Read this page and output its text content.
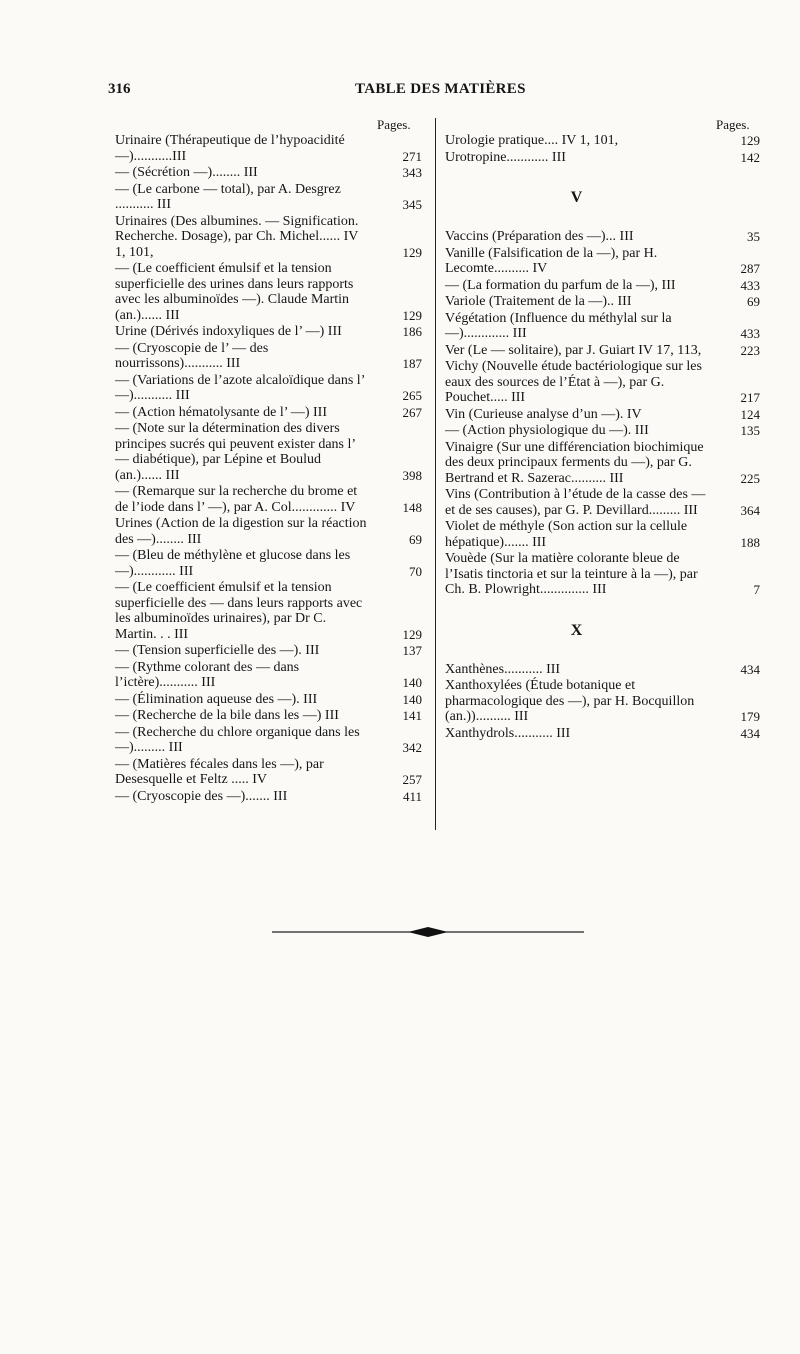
316	TABLE DES MATIÈRES
Pages.	Pages.
Urinaire (Thérapeutique de l’hypoacidité —)...........III	271
— (Sécrétion —)........ III	343
— (Le carbone — total), par A. Desgrez ........... III	345
Urinaires (Des albumines. — Signification. Recherche. Dosage), par Ch. Michel...... IV 1, 101,	129
— (Le coefficient émulsif et la tension superficielle des urines dans leurs rapports avec les albuminoïdes —). Claude Martin (an.)...... III	129
Urine (Dérivés indoxyliques de l’ —) III	186
— (Cryoscopie de l’ — des nourrissons)........... III	187
— (Variations de l’azote alcaloïdique dans l’ —)........... III	265
— (Action hématolysante de l’ —) III	267
— (Note sur la détermination des divers principes sucrés qui peuvent exister dans l’ — diabétique), par Lépine et Boulud (an.)...... III	398
— (Remarque sur la recherche du brome et de l’iode dans l’ —), par A. Col............. IV	148
Urines (Action de la digestion sur la réaction des —)........ III	69
— (Bleu de méthylène et glucose dans les —)............ III	70
— (Le coefficient émulsif et la tension superficielle des — dans leurs rapports avec les albuminoïdes urinaires), par Dr C. Martin. . . III	129
— (Tension superficielle des —). III	137
— (Rythme colorant des — dans l’ictère)........... III	140
— (Élimination aqueuse des —). III	140
— (Recherche de la bile dans les —) III	141
— (Recherche du chlore organique dans les —)......... III	342
— (Matières fécales dans les —), par Desesquelle et Feltz ..... IV	257
— (Cryoscopie des —)....... III	411
Urologie pratique.... IV 1, 101,	129
Urotropine............ III	142
V
Vaccins (Préparation des —)... III	35
Vanille (Falsification de la —), par H. Lecomte.......... IV	287
— (La formation du parfum de la —), III	433
Variole (Traitement de la —).. III	69
Végétation (Influence du méthylal sur la —)............. III	433
Ver (Le — solitaire), par J. Guiart IV 17, 113,	223
Vichy (Nouvelle étude bactériologique sur les eaux des sources de l’État à —), par G. Pouchet..... III	217
Vin (Curieuse analyse d’un —). IV	124
— (Action physiologique du —). III	135
Vinaigre (Sur une différenciation biochimique des deux principaux ferments du —), par G. Bertrand et R. Sazerac.......... III	225
Vins (Contribution à l’étude de la casse des — et de ses causes), par G. P. Devillard......... III	364
Violet de méthyle (Son action sur la cellule hépatique)....... III	188
Vouède (Sur la matière colorante bleue de l’Isatis tinctoria et sur la teinture à la —), par Ch. B. Plowright.............. III	7
X
Xanthènes........... III	434
Xanthoxylées (Étude botanique et pharmacologique des —), par H. Bocquillon (an.)).......... III	179
Xanthydrols........... III	434
